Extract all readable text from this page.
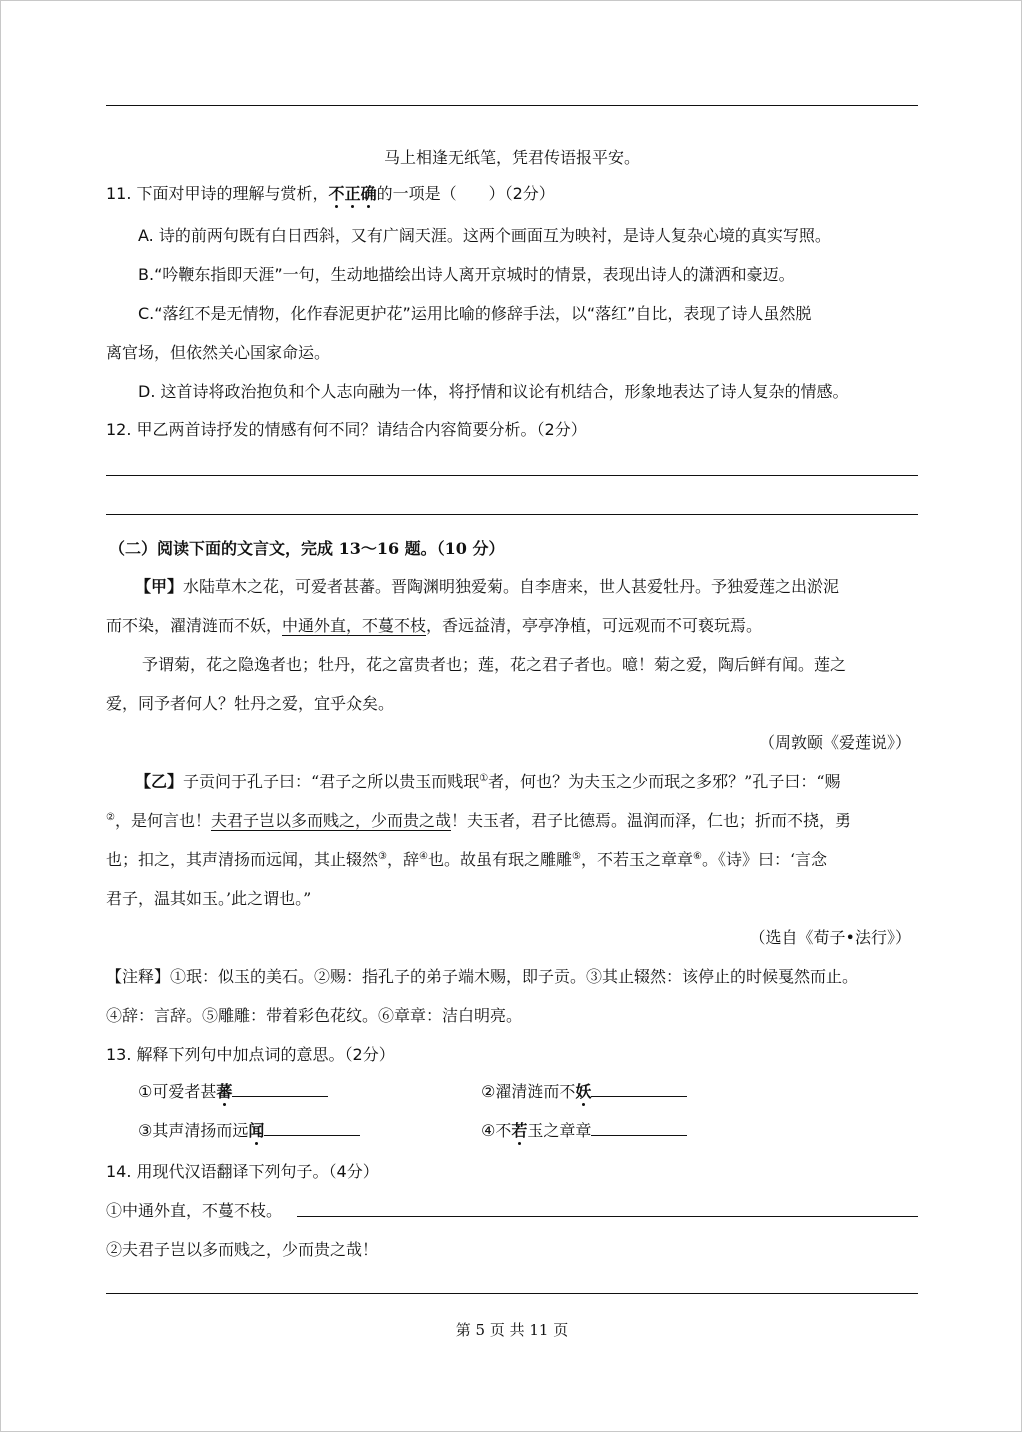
马上相逢无纸笔，凭君传语报平安。
11. 下面对甲诗的理解与赏析，不正确的一项是（　　）（2分）
A. 诗的前两句既有白日西斜，又有广阔天涯。这两个画面互为映衬，是诗人复杂心境的真实写照。
B.“吟鞭东指即天涯”一句，生动地描绘出诗人离开京城时的情景，表现出诗人的潇洒和豪迈。
C.“落红不是无情物，化作春泥更护花”运用比喻的修辞手法，以“落红”自比，表现了诗人虽然脱
离官场，但依然关心国家命运。
D. 这首诗将政治抱负和个人志向融为一体，将抒情和议论有机结合，形象地表达了诗人复杂的情感。
12. 甲乙两首诗抒发的情感有何不同？请结合内容简要分析。（2分）
（二）阅读下面的文言文，完成 13～16 题。（10 分）
【甲】水陆草木之花，可爱者甚蕃。晋陶渊明独爱菊。自李唐来，世人甚爱牡丹。予独爱莲之出淤泥
而不染，濯清涟而不妖，中通外直，不蔓不枝，香远益清，亭亭净植，可远观而不可亵玩焉。
予谓菊，花之隐逸者也；牡丹，花之富贵者也；莲，花之君子者也。噫！菊之爱，陶后鲜有闻。莲之
爱，同予者何人？牡丹之爱，宜乎众矣。
（周敦颐《爱莲说》）
【乙】子贡问于孔子曰：“君子之所以贵玉而贱珉①者，何也？为夫玉之少而珉之多邪？”孔子曰：“赐
②，是何言也！夫君子岂以多而贱之，少而贵之哉！夫玉者，君子比德焉。温润而泽，仁也；折而不挠，勇
也；扣之，其声清扬而远闻，其止辍然③，辞④也。故虽有珉之雕雕⑤，不若玉之章章⑥。《诗》曰：‘言念
君子，温其如玉。’此之谓也。”
（选自《荀子•法行》）
【注释】①珉：似玉的美石。②赐：指孔子的弟子端木赐，即子贡。③其止辍然：该停止的时候戛然而止。
④辞：言辞。⑤雕雕：带着彩色花纹。⑥章章：洁白明亮。
13. 解释下列句中加点词的意思。（2分）
①可爱者甚蕃	②濯清涟而不妖
③其声清扬而远闻	④不若玉之章章
14. 用现代汉语翻译下列句子。（4分）
①中通外直，不蔓不枝。
②夫君子岂以多而贱之，少而贵之哉！
第 5 页 共 11 页
